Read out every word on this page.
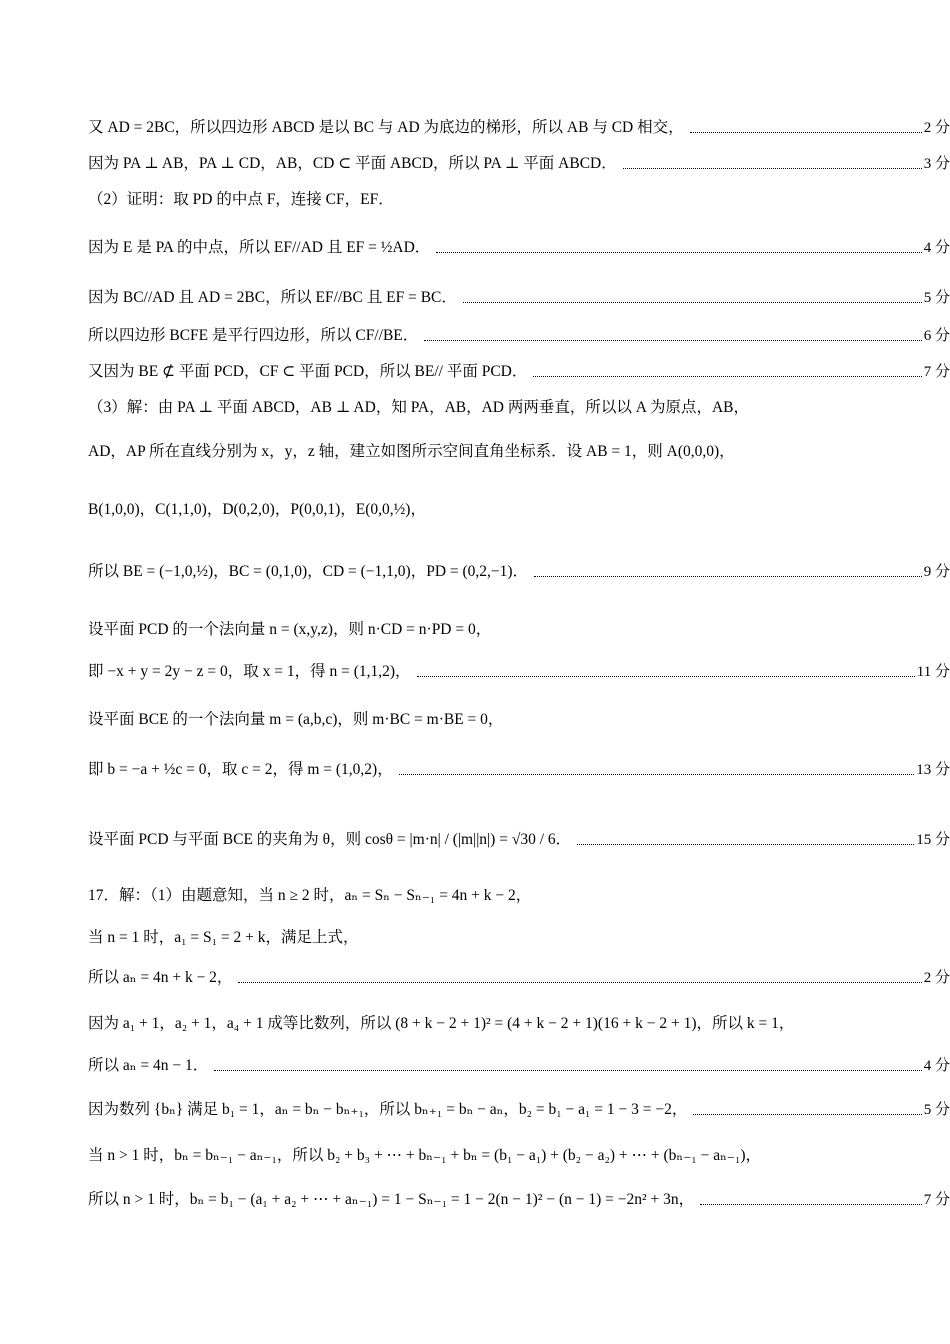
又 AD = 2BC，所以四边形 ABCD 是以 BC 与 AD 为底边的梯形，所以 AB 与 CD 相交，	2 分
因为 PA ⊥ AB，PA ⊥ CD，AB，CD ⊂ 平面 ABCD，所以 PA ⊥ 平面 ABCD．	3 分
（2）证明：取 PD 的中点 F，连接 CF，EF．
因为 E 是 PA 的中点，所以 EF//AD 且 EF = ½AD．	4 分
因为 BC//AD 且 AD = 2BC，所以 EF//BC 且 EF = BC．	5 分
所以四边形 BCFE 是平行四边形，所以 CF//BE．	6 分
又因为 BE ⊄ 平面 PCD，CF ⊂ 平面 PCD，所以 BE// 平面 PCD．	7 分
（3）解：由 PA ⊥ 平面 ABCD，AB ⊥ AD，知 PA，AB，AD 两两垂直，所以以 A 为原点，AB，
AD，AP 所在直线分别为 x，y，z 轴，建立如图所示空间直角坐标系．设 AB = 1，则 A(0,0,0)，
B(1,0,0)，C(1,1,0)，D(0,2,0)，P(0,0,1)，E(0,0,½)，
所以 BE = (−1,0,½)，BC = (0,1,0)，CD = (−1,1,0)，PD = (0,2,−1)．	9 分
设平面 PCD 的一个法向量 n = (x,y,z)，则 n·CD = n·PD = 0，
即 −x + y = 2y − z = 0，取 x = 1，得 n = (1,1,2)，	11 分
设平面 BCE 的一个法向量 m = (a,b,c)，则 m·BC = m·BE = 0，
即 b = −a + ½c = 0，取 c = 2，得 m = (1,0,2)，	13 分
设平面 PCD 与平面 BCE 的夹角为 θ，则 cosθ = |m·n| / (|m||n|) = √30 / 6．	15 分
17．解：（1）由题意知，当 n ≥ 2 时，aₙ = Sₙ − Sₙ₋₁ = 4n + k − 2，
当 n = 1 时，a₁ = S₁ = 2 + k，满足上式，
所以 aₙ = 4n + k − 2，	2 分
因为 a₁ + 1，a₂ + 1，a₄ + 1 成等比数列，所以 (8 + k − 2 + 1)² = (4 + k − 2 + 1)(16 + k − 2 + 1)，所以 k = 1，
所以 aₙ = 4n − 1．	4 分
因为数列 {bₙ} 满足 b₁ = 1，aₙ = bₙ − bₙ₊₁，所以 bₙ₊₁ = bₙ − aₙ，b₂ = b₁ − a₁ = 1 − 3 = −2，	5 分
当 n > 1 时，bₙ = bₙ₋₁ − aₙ₋₁，所以 b₂ + b₃ + ⋯ + bₙ₋₁ + bₙ = (b₁ − a₁) + (b₂ − a₂) + ⋯ + (bₙ₋₁ − aₙ₋₁)，
所以 n > 1 时，bₙ = b₁ − (a₁ + a₂ + ⋯ + aₙ₋₁) = 1 − Sₙ₋₁ = 1 − 2(n − 1)² − (n − 1) = −2n² + 3n，	7 分
